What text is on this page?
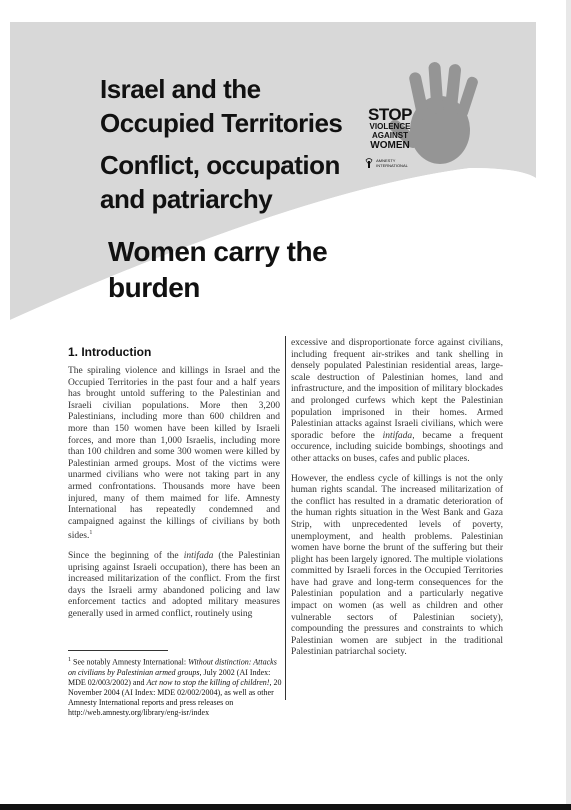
Israel and the
Occupied Territories
Conflict, occupation
and patriarchy
Women carry the
burden
STOP
VIOLENCE
AGAINST
WOMEN
AMNESTY
INTERNATIONAL
1. Introduction

The spiraling violence and killings in Israel and the Occupied Territories in the past four and a half years has brought untold suffering to the Palestinian and Israeli civilian populations. More then 3,200 Palestinians, including more than 600 children and more than 150 women have been killed by Israeli forces, and more than 1,000 Israelis, including more than 100 children and some 300 women were killed by Palestinian armed groups. Most of the victims were unarmed civilians who were not taking part in any armed confrontations. Thousands more have been injured, many of them maimed for life. Amnesty International has repeatedly condemned and campaigned against the killings of civilians by both sides.$^1$

Since the beginning of the intifada (the Palestinian uprising against Israeli occupation), there has been an increased militarization of the conflict. From the first days the Israeli army abandoned policing and law enforcement tactics and adopted military measures generally used in armed conflict, routinely using

$^1$ See notably Amnesty International: Without distinction: Attacks on civilians by Palestinian armed groups, July 2002 (AI Index: MDE 02/003/2002) and Act now to stop the killing of children!, 20 November 2004 (AI Index: MDE 02/002/2004), as well as other Amnesty International reports and press releases on http://web.amnesty.org/library/eng-isr/index

excessive and disproportionate force against civilians, including frequent air-strikes and tank shelling in densely populated Palestinian residential areas, large-scale destruction of Palestinian homes, land and infrastructure, and the imposition of military blockades and prolonged curfews which kept the Palestinian population imprisoned in their homes. Armed Palestinian attacks against Israeli civilians, which were sporadic before the intifada, became a frequent occurence, including suicide bombings, shootings and other attacks on buses, cafes and public places.

However, the endless cycle of killings is not the only human rights scandal. The increased militarization of the conflict has resulted in a dramatic deterioration of the human rights situation in the West Bank and Gaza Strip, with unprecedented levels of poverty, unemployment, and health problems. Palestinian women have borne the brunt of the suffering but their plight has been largely ignored. The multiple violations committed by Israeli forces in the Occupied Territories have had grave and long-term consequences for the Palestinian population and a particularly negative impact on women (as well as children and other vulnerable sectors of Palestinian society), compounding the pressures and constraints to which Palestinian women are subject in the traditional Palestinian patriarchal society.
